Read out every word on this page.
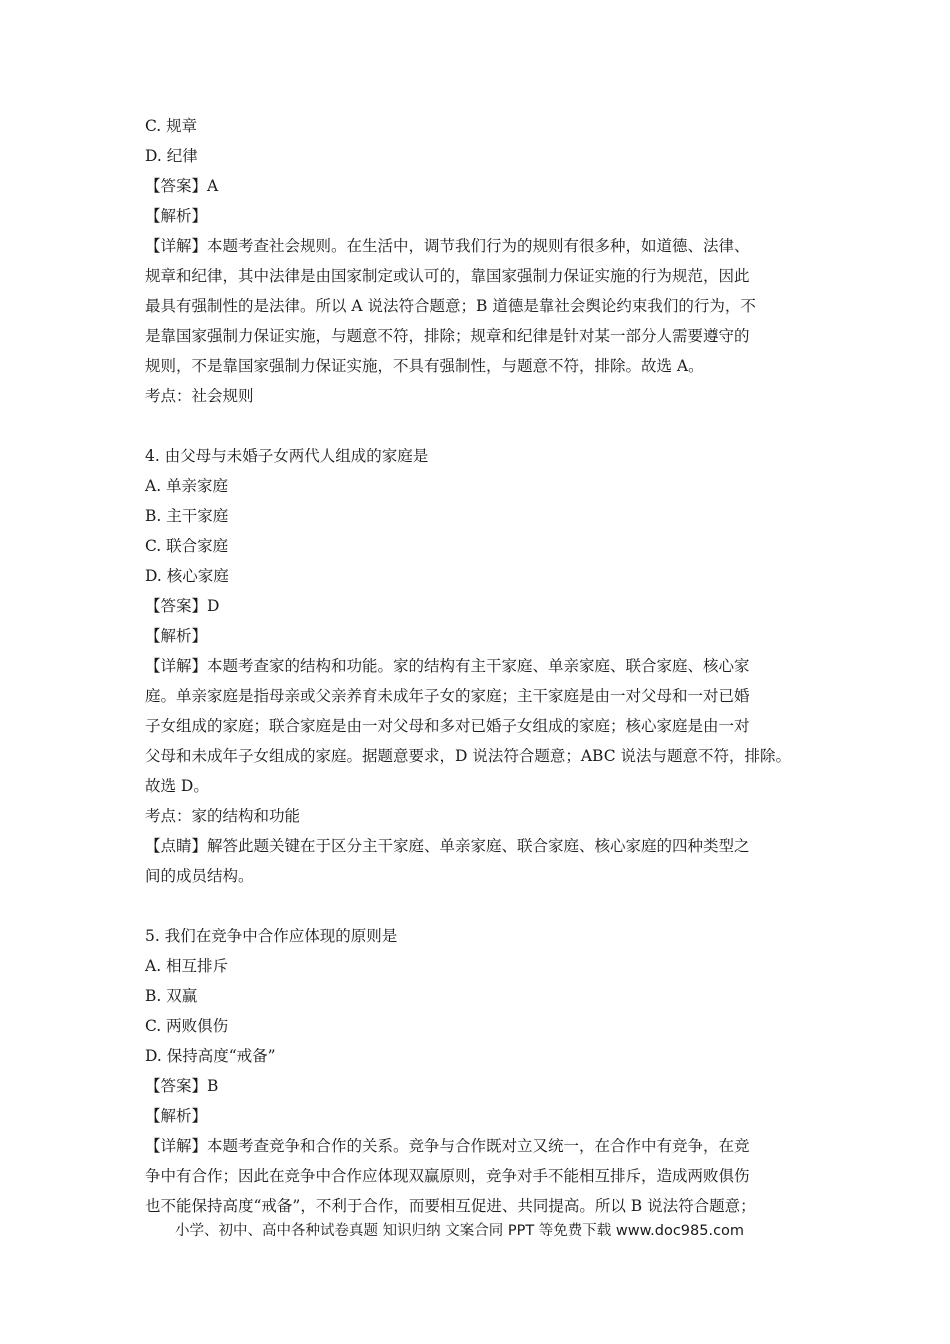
C. 规章
D. 纪律
【答案】A
【解析】
【详解】本题考查社会规则。在生活中，调节我们行为的规则有很多种，如道德、法律、
规章和纪律，其中法律是由国家制定或认可的，靠国家强制力保证实施的行为规范，因此
最具有强制性的是法律。所以 A 说法符合题意；B 道德是靠社会舆论约束我们的行为，不
是靠国家强制力保证实施，与题意不符，排除；规章和纪律是针对某一部分人需要遵守的
规则，不是靠国家强制力保证实施，不具有强制性，与题意不符，排除。故选 A。
考点：社会规则
4. 由父母与未婚子女两代人组成的家庭是
A. 单亲家庭
B. 主干家庭
C. 联合家庭
D. 核心家庭
【答案】D
【解析】
【详解】本题考查家的结构和功能。家的结构有主干家庭、单亲家庭、联合家庭、核心家
庭。单亲家庭是指母亲或父亲养育未成年子女的家庭；主干家庭是由一对父母和一对已婚
子女组成的家庭；联合家庭是由一对父母和多对已婚子女组成的家庭；核心家庭是由一对
父母和未成年子女组成的家庭。据题意要求，D 说法符合题意；ABC 说法与题意不符，排除。
故选 D。
考点：家的结构和功能
【点睛】解答此题关键在于区分主干家庭、单亲家庭、联合家庭、核心家庭的四种类型之
间的成员结构。
5. 我们在竞争中合作应体现的原则是
A. 相互排斥
B. 双赢
C. 两败俱伤
D. 保持高度“戒备”
【答案】B
【解析】
【详解】本题考查竞争和合作的关系。竞争与合作既对立又统一，在合作中有竞争，在竞
争中有合作；因此在竞争中合作应体现双赢原则，竞争对手不能相互排斥，造成两败俱伤
也不能保持高度“戒备”，不利于合作，而要相互促进、共同提高。所以 B 说法符合题意；
小学、初中、高中各种试卷真题 知识归纳 文案合同 PPT 等免费下载 www.doc985.com
